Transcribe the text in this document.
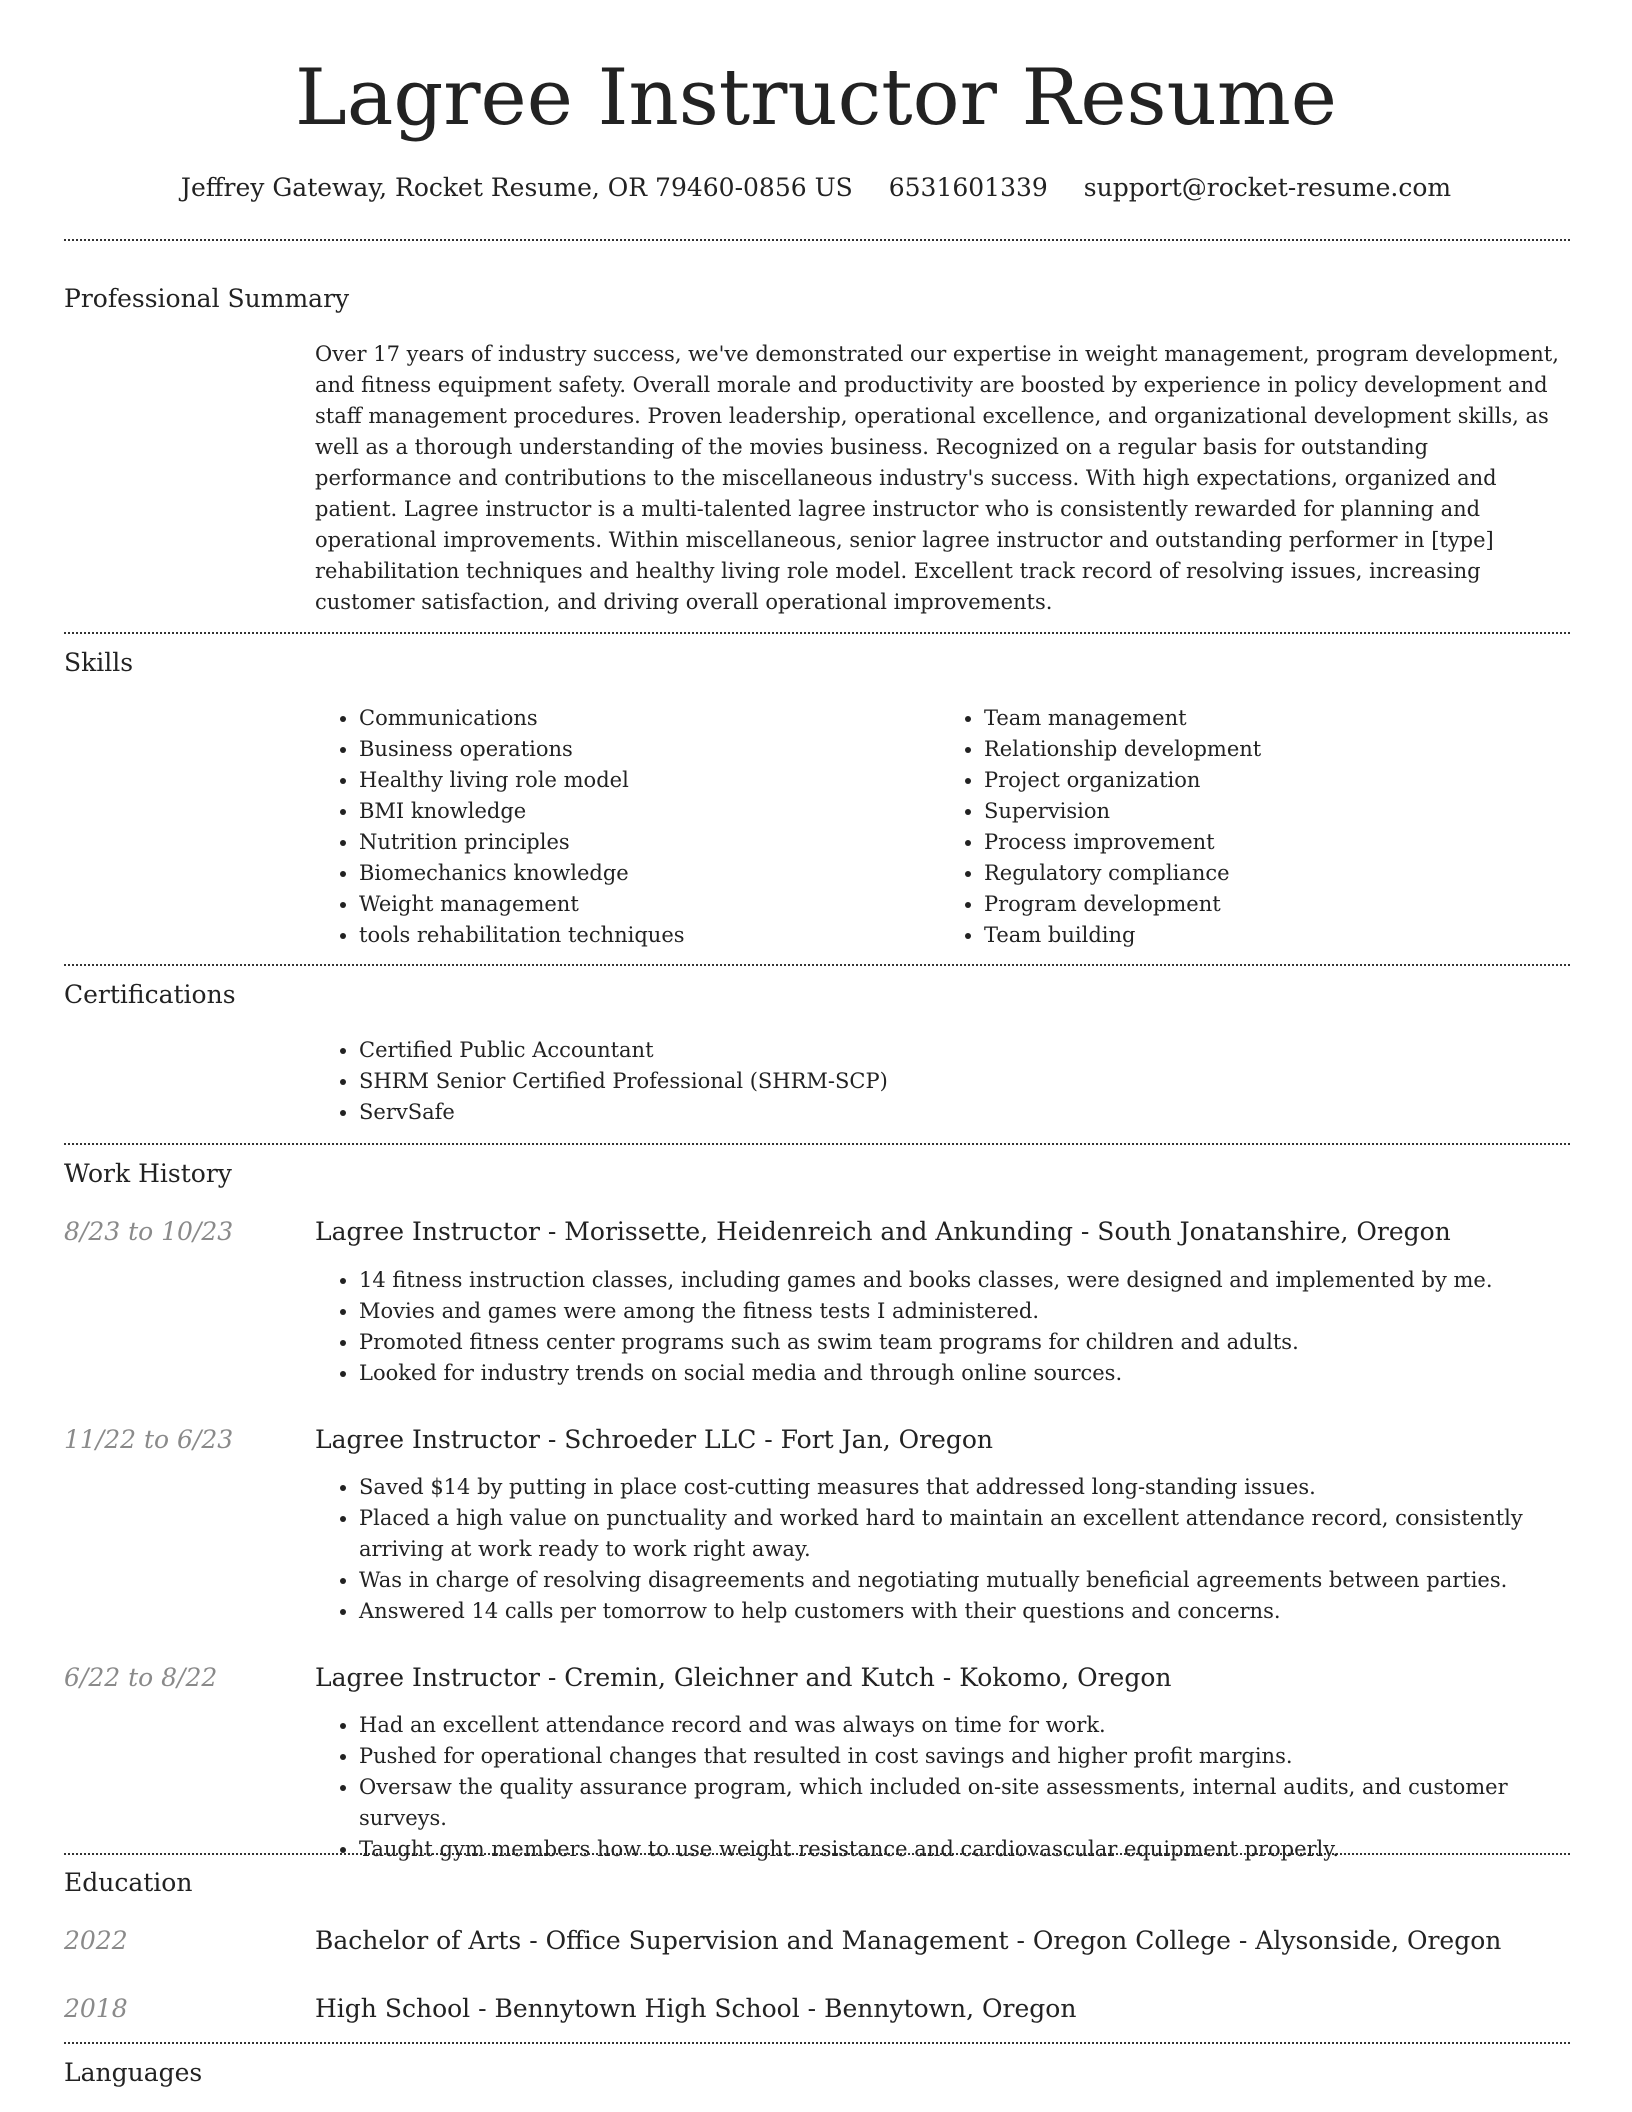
Lagree Instructor Resume
Jeffrey Gateway, Rocket Resume, OR 79460-0856 US 6531601339 support@rocket-resume.com
Professional Summary
Over 17 years of industry success, we've demonstrated our expertise in weight management, program development, and fitness equipment safety. Overall morale and productivity are boosted by experience in policy development and staff management procedures. Proven leadership, operational excellence, and organizational development skills, as well as a thorough understanding of the movies business. Recognized on a regular basis for outstanding performance and contributions to the miscellaneous industry's success. With high expectations, organized and patient. Lagree instructor is a multi-talented lagree instructor who is consistently rewarded for planning and operational improvements. Within miscellaneous, senior lagree instructor and outstanding performer in [type] rehabilitation techniques and healthy living role model. Excellent track record of resolving issues, increasing customer satisfaction, and driving overall operational improvements.
Skills
• Communications
• Business operations
• Healthy living role model
• BMI knowledge
• Nutrition principles
• Biomechanics knowledge
• Weight management
• tools rehabilitation techniques
• Team management
• Relationship development
• Project organization
• Supervision
• Process improvement
• Regulatory compliance
• Program development
• Team building
Certifications
• Certified Public Accountant
• SHRM Senior Certified Professional (SHRM-SCP)
• ServSafe
Work History
8/23 to 10/23	Lagree Instructor - Morissette, Heidenreich and Ankunding - South Jonatanshire, Oregon
• 14 fitness instruction classes, including games and books classes, were designed and implemented by me.
• Movies and games were among the fitness tests I administered.
• Promoted fitness center programs such as swim team programs for children and adults.
• Looked for industry trends on social media and through online sources.
11/22 to 6/23	Lagree Instructor - Schroeder LLC - Fort Jan, Oregon
• Saved $14 by putting in place cost-cutting measures that addressed long-standing issues.
• Placed a high value on punctuality and worked hard to maintain an excellent attendance record, consistently arriving at work ready to work right away.
• Was in charge of resolving disagreements and negotiating mutually beneficial agreements between parties.
• Answered 14 calls per tomorrow to help customers with their questions and concerns.
6/22 to 8/22	Lagree Instructor - Cremin, Gleichner and Kutch - Kokomo, Oregon
• Had an excellent attendance record and was always on time for work.
• Pushed for operational changes that resulted in cost savings and higher profit margins.
• Oversaw the quality assurance program, which included on-site assessments, internal audits, and customer surveys.
• Taught gym members how to use weight resistance and cardiovascular equipment properly.
Education
2022	Bachelor of Arts - Office Supervision and Management - Oregon College - Alysonside, Oregon
2018	High School - Bennytown High School - Bennytown, Oregon
Languages
